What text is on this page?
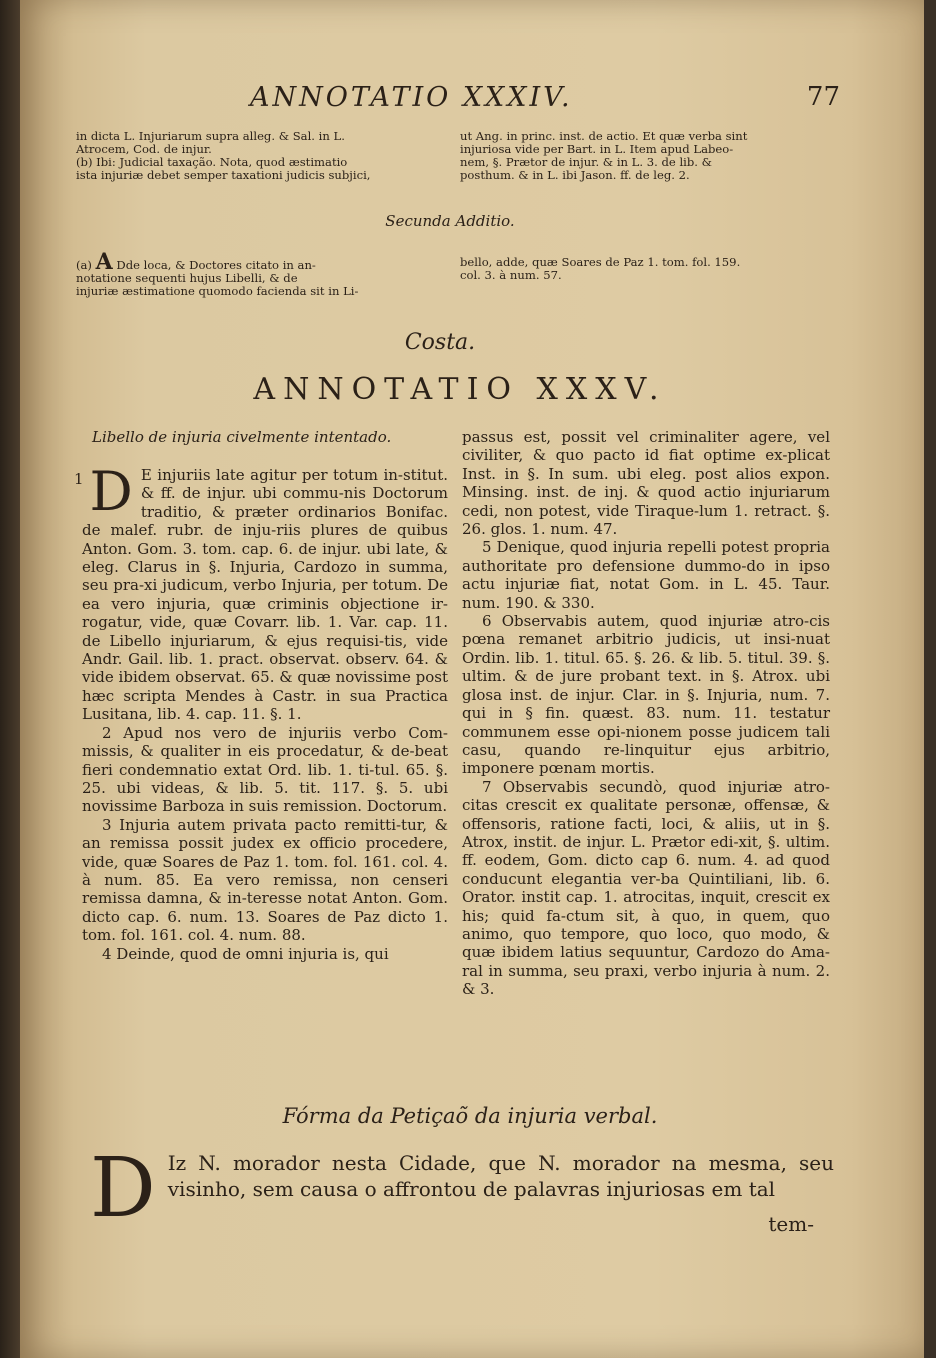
ANNOTATIO XXXIV.	77

in dicta L. Injuriarum supra alleg. & Sal. in L.

Atrocem, Cod. de injur.

(b) Ibi: Judicial taxação. Nota, quod æstimatio

ista injuriæ debet semper taxationi judicis subjici,

ut Ang. in princ. inst. de actio. Et quæ verba sint

injuriosa vide per Bart. in L. Item apud Labeo-

nem, §. Prætor de injur. & in L. 3. de lib. &

posthum. & in L. ibi Jason. ff. de leg. 2.

Secunda Additio.

(a) A Dde loca, & Doctores citato in an-

notatione sequenti hujus Libelli, & de

injuriæ æstimatione quomodo facienda sit in Li-

bello, adde, quæ Soares de Paz 1. tom. fol. 159.

col. 3. à num. 57.

Costa.
ANNOTATIO XXXV.
Libello de injuria civelmente intentado.

1 D E injuriis late agitur per totum in-stitut. & ff. de injur. ubi commu-nis Doctorum traditio, & præter ordinarios Bonifac. de malef. rubr. de inju-riis plures de quibus Anton. Gom. 3. tom. cap. 6. de injur. ubi late, & eleg. Clarus in §. Injuria, Cardozo in summa, seu pra-xi judicum, verbo Injuria, per totum. De ea vero injuria, quæ criminis objectione ir-rogatur, vide, quæ Covarr. lib. 1. Var. cap. 11. de Libello injuriarum, & ejus requisi-tis, vide Andr. Gail. lib. 1. pract. observat. observ. 64. & vide ibidem observat. 65. & quæ novissime post hæc scripta Mendes à Castr. in sua Practica Lusitana, lib. 4. cap. 11. §. 1.

2 Apud nos vero de injuriis verbo Com-missis, & qualiter in eis procedatur, & de-beat fieri condemnatio extat Ord. lib. 1. ti-tul. 65. §. 25. ubi videas, & lib. 5. tit. 117. §. 5. ubi novissime Barboza in suis remission. Doctorum.

3 Injuria autem privata pacto remitti-tur, & an remissa possit judex ex officio procedere, vide, quæ Soares de Paz 1. tom. fol. 161. col. 4. à num. 85. Ea vero remissa, non censeri remissa damna, & in-teresse notat Anton. Gom. dicto cap. 6. num. 13. Soares de Paz dicto 1. tom. fol. 161. col. 4. num. 88.

4 Deinde, quod de omni injuria is, qui

passus est, possit vel criminaliter agere, vel civiliter, & quo pacto id fiat optime ex-plicat Inst. in §. In sum. ubi eleg. post alios expon. Minsing. inst. de inj. & quod actio injuriarum cedi, non potest, vide Tiraque-lum 1. retract. §. 26. glos. 1. num. 47.

5 Denique, quod injuria repelli potest propria authoritate pro defensione dummo-do in ipso actu injuriæ fiat, notat Gom. in L. 45. Taur. num. 190. & 330.

6 Observabis autem, quod injuriæ atro-cis pœna remanet arbitrio judicis, ut insi-nuat Ordin. lib. 1. titul. 65. §. 26. & lib. 5. titul. 39. §. ultim. & de jure probant text. in §. Atrox. ubi glosa inst. de injur. Clar. in §. Injuria, num. 7. qui in § fin. quæst. 83. num. 11. testatur communem esse opi-nionem posse judicem tali casu, quando re-linquitur ejus arbitrio, imponere pœnam mortis.

7 Observabis secundò, quod injuriæ atro-citas crescit ex qualitate personæ, offensæ, & offensoris, ratione facti, loci, & aliis, ut in §. Atrox, instit. de injur. L. Prætor edi-xit, §. ultim. ff. eodem, Gom. dicto cap 6. num. 4. ad quod conducunt elegantia ver-ba Quintiliani, lib. 6. Orator. instit cap. 1. atrocitas, inquit, crescit ex his; quid fa-ctum sit, à quo, in quem, quo animo, quo tempore, quo loco, quo modo, & quæ ibidem latius sequuntur, Cardozo do Ama-ral in summa, seu praxi, verbo injuria à num. 2. & 3.

Fórma da Petiçaõ da injuria verbal.
D Iz N. morador nesta Cidade, que N. morador na mesma, seu visinho, sem causa o affrontou de palavras injuriosas em tal
tem-
